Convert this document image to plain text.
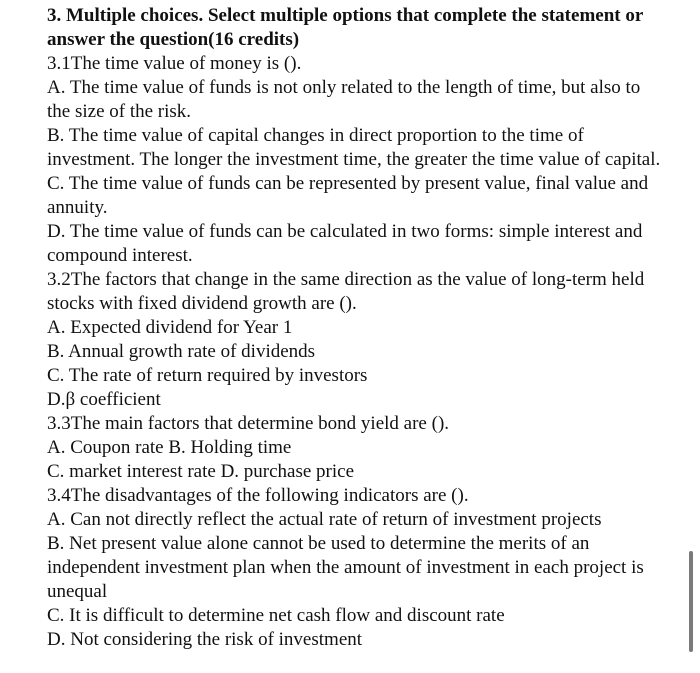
3. Multiple choices. Select multiple options that complete the statement or answer the question(16 credits)
3.1The time value of money is ().
A. The time value of funds is not only related to the length of time, but also to the size of the risk.
B. The time value of capital changes in direct proportion to the time of investment. The longer the investment time, the greater the time value of capital.
C. The time value of funds can be represented by present value, final value and annuity.
D. The time value of funds can be calculated in two forms: simple interest and compound interest.
3.2The factors that change in the same direction as the value of long-term held stocks with fixed dividend growth are ().
A. Expected dividend for Year 1
B. Annual growth rate of dividends
C. The rate of return required by investors
D.β coefficient
3.3The main factors that determine bond yield are ().
A. Coupon rate B. Holding time
C. market interest rate D. purchase price
3.4The disadvantages of the following indicators are ().
A. Can not directly reflect the actual rate of return of investment projects
B. Net present value alone cannot be used to determine the merits of an independent investment plan when the amount of investment in each project is unequal
C. It is difficult to determine net cash flow and discount rate
D. Not considering the risk of investment
